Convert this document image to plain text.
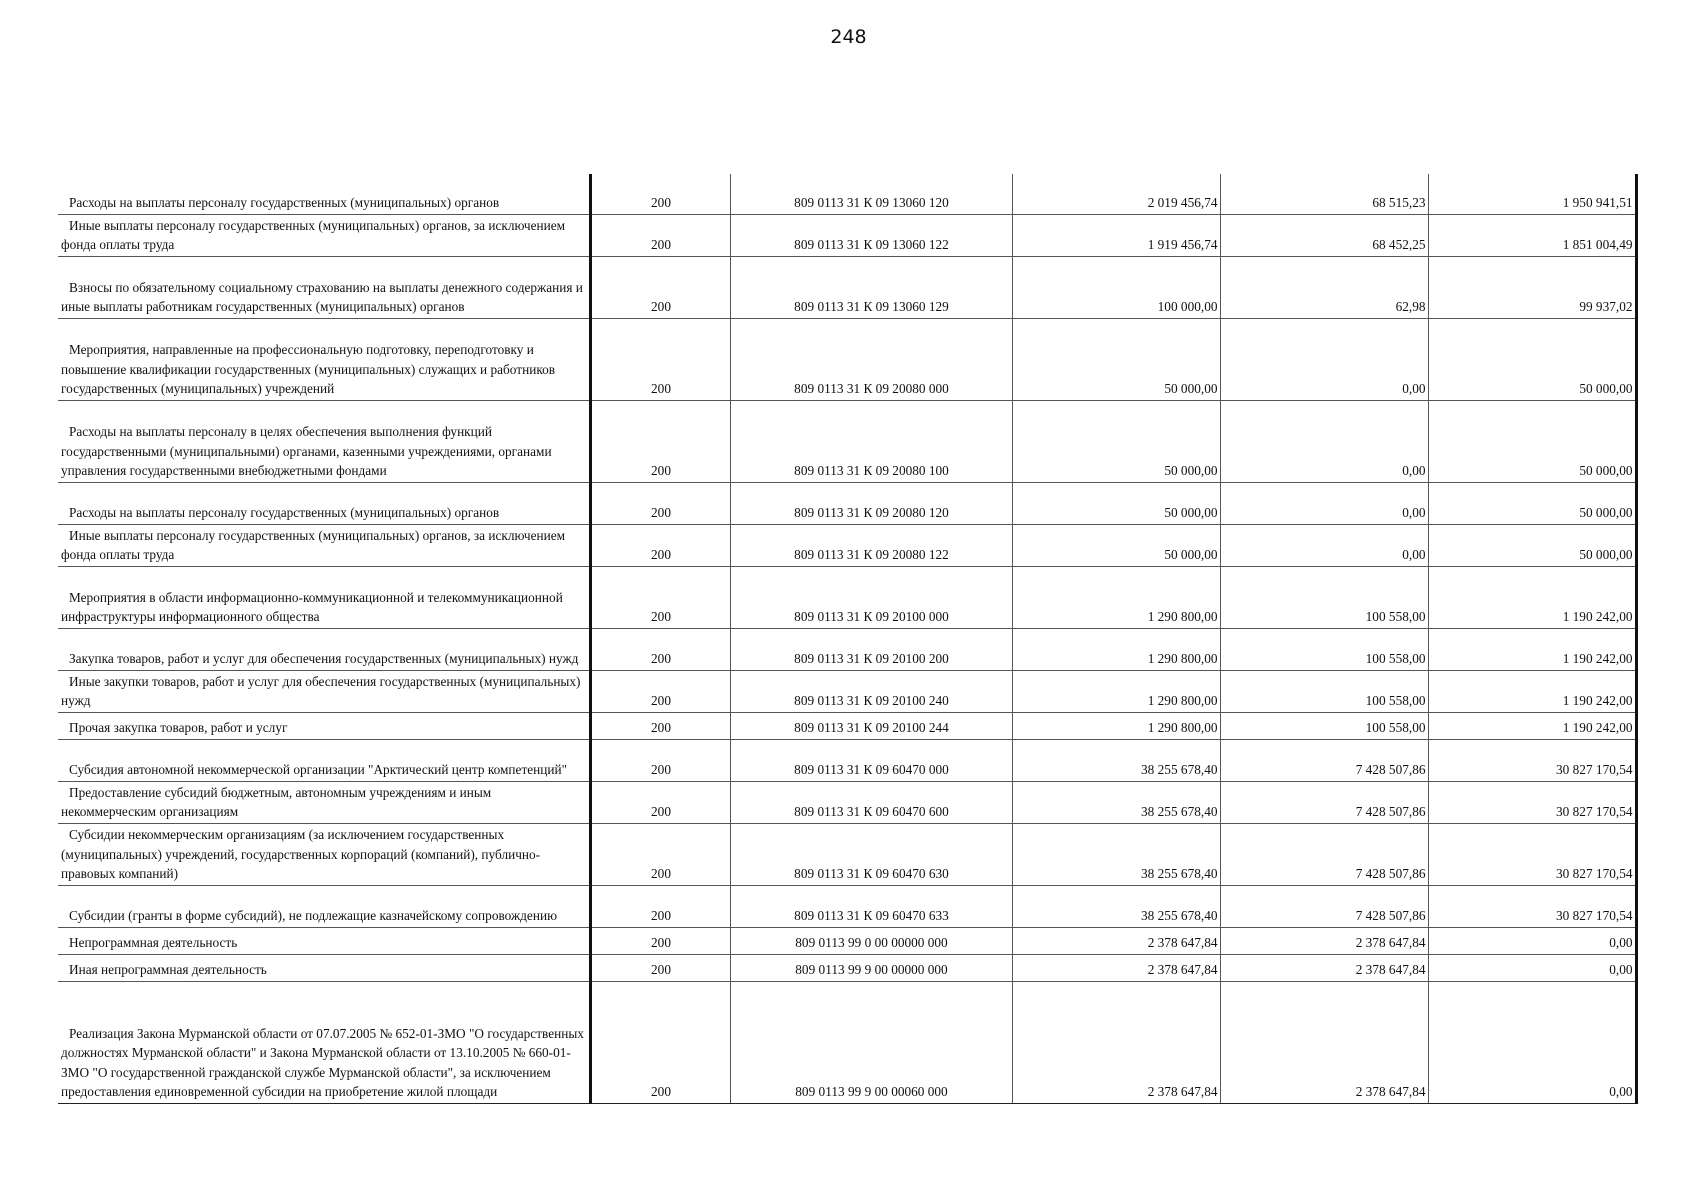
248
Расходы на выплаты персоналу государственных (муниципальных) органов	200	809 0113 31 К 09 13060 120	2 019 456,74	68 515,23	1 950 941,51
Иные выплаты персоналу государственных (муниципальных) органов, за исключением фонда оплаты труда	200	809 0113 31 К 09 13060 122	1 919 456,74	68 452,25	1 851 004,49
Взносы по обязательному социальному страхованию на выплаты денежного содержания и иные выплаты работникам государственных (муниципальных) органов	200	809 0113 31 К 09 13060 129	100 000,00	62,98	99 937,02
Мероприятия, направленные на профессиональную подготовку, переподготовку и повышение квалификации государственных (муниципальных) служащих и работников государственных (муниципальных) учреждений	200	809 0113 31 К 09 20080 000	50 000,00	0,00	50 000,00
Расходы на выплаты персоналу в целях обеспечения выполнения функций государственными (муниципальными) органами, казенными учреждениями, органами управления государственными внебюджетными фондами	200	809 0113 31 К 09 20080 100	50 000,00	0,00	50 000,00
Расходы на выплаты персоналу государственных (муниципальных) органов	200	809 0113 31 К 09 20080 120	50 000,00	0,00	50 000,00
Иные выплаты персоналу государственных (муниципальных) органов, за исключением фонда оплаты труда	200	809 0113 31 К 09 20080 122	50 000,00	0,00	50 000,00
Мероприятия в области информационно-коммуникационной и телекоммуникационной инфраструктуры информационного общества	200	809 0113 31 К 09 20100 000	1 290 800,00	100 558,00	1 190 242,00
Закупка товаров, работ и услуг для обеспечения государственных (муниципальных) нужд	200	809 0113 31 К 09 20100 200	1 290 800,00	100 558,00	1 190 242,00
Иные закупки товаров, работ и услуг для обеспечения государственных (муниципальных) нужд	200	809 0113 31 К 09 20100 240	1 290 800,00	100 558,00	1 190 242,00
Прочая закупка товаров, работ и услуг	200	809 0113 31 К 09 20100 244	1 290 800,00	100 558,00	1 190 242,00
Субсидия автономной некоммерческой организации "Арктический центр компетенций"	200	809 0113 31 К 09 60470 000	38 255 678,40	7 428 507,86	30 827 170,54
Предоставление субсидий бюджетным, автономным учреждениям и иным некоммерческим организациям	200	809 0113 31 К 09 60470 600	38 255 678,40	7 428 507,86	30 827 170,54
Субсидии некоммерческим организациям (за исключением государственных (муниципальных) учреждений, государственных корпораций (компаний), публично-правовых компаний)	200	809 0113 31 К 09 60470 630	38 255 678,40	7 428 507,86	30 827 170,54
Субсидии (гранты в форме субсидий), не подлежащие казначейскому сопровождению	200	809 0113 31 К 09 60470 633	38 255 678,40	7 428 507,86	30 827 170,54
Непрограммная деятельность	200	809 0113 99 0 00 00000 000	2 378 647,84	2 378 647,84	0,00
Иная непрограммная деятельность	200	809 0113 99 9 00 00000 000	2 378 647,84	2 378 647,84	0,00
Реализация Закона Мурманской области от 07.07.2005 № 652-01-ЗМО "О государственных должностях Мурманской области" и Закона Мурманской области от 13.10.2005 № 660-01-ЗМО "О государственной гражданской службе Мурманской области", за исключением предоставления единовременной субсидии на приобретение жилой площади	200	809 0113 99 9 00 00060 000	2 378 647,84	2 378 647,84	0,00
